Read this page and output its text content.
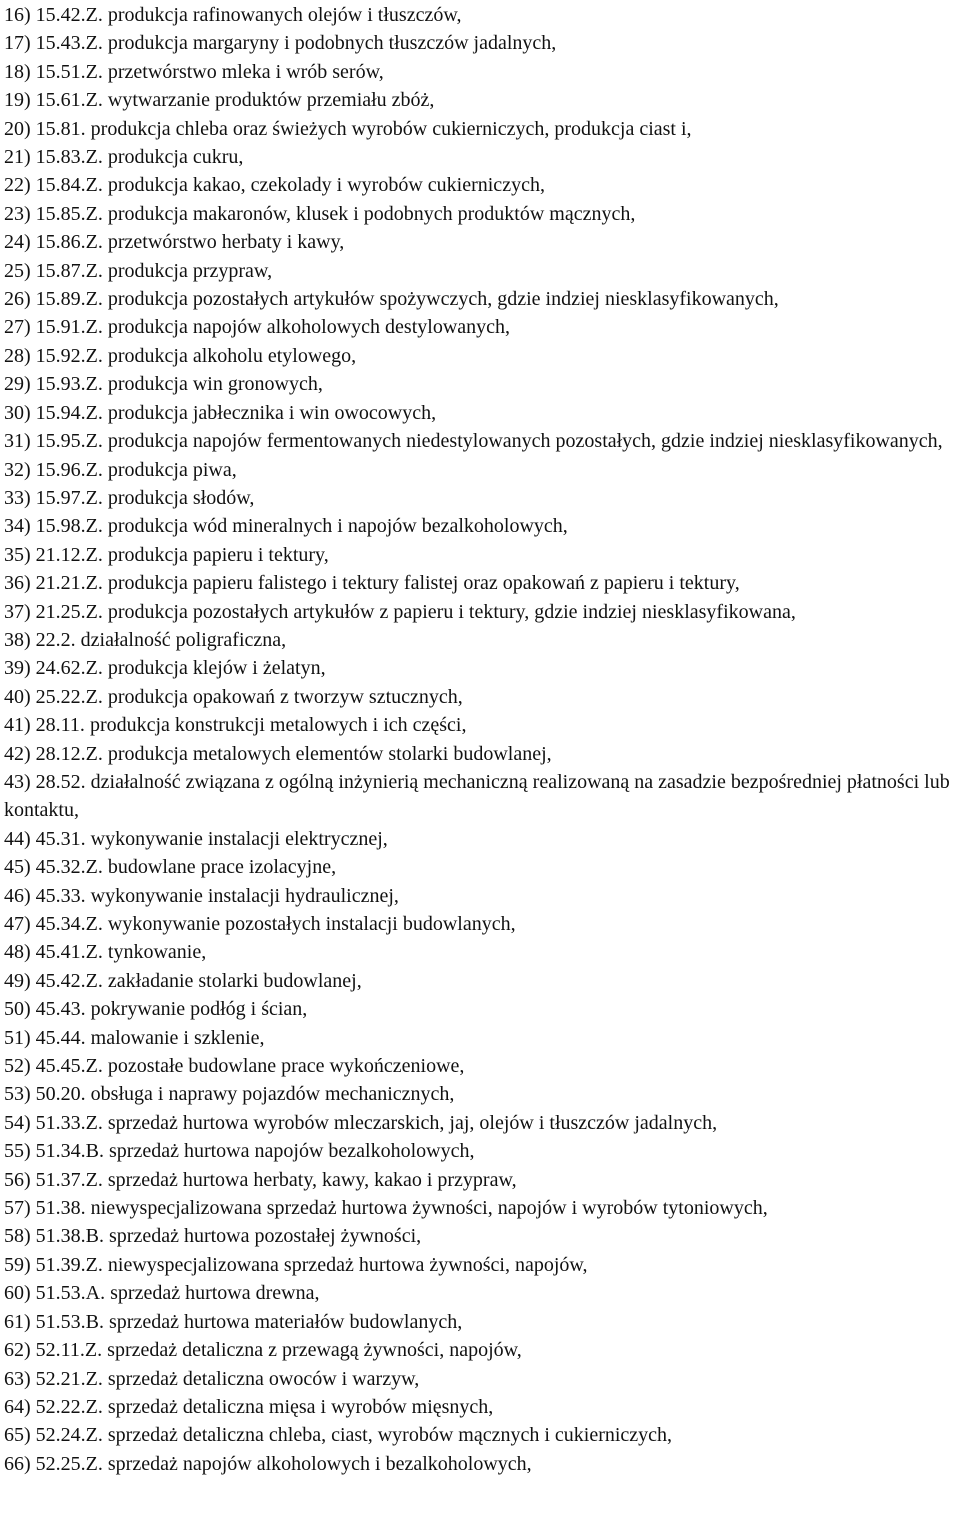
16) 15.42.Z. produkcja rafinowanych olejów i tłuszczów,
17) 15.43.Z. produkcja margaryny i podobnych tłuszczów jadalnych,
18) 15.51.Z. przetwórstwo mleka i wrób serów,
19) 15.61.Z. wytwarzanie produktów przemiału zbóż,
20) 15.81. produkcja chleba oraz świeżych wyrobów cukierniczych, produkcja ciast i,
21) 15.83.Z. produkcja cukru,
22) 15.84.Z. produkcja kakao, czekolady i wyrobów cukierniczych,
23) 15.85.Z. produkcja makaronów, klusek i podobnych produktów mącznych,
24) 15.86.Z. przetwórstwo herbaty i kawy,
25) 15.87.Z. produkcja przypraw,
26) 15.89.Z. produkcja pozostałych artykułów spożywczych, gdzie indziej niesklasyfikowanych,
27) 15.91.Z. produkcja napojów alkoholowych destylowanych,
28) 15.92.Z. produkcja alkoholu etylowego,
29) 15.93.Z. produkcja win gronowych,
30) 15.94.Z. produkcja jabłecznika i win owocowych,
31) 15.95.Z. produkcja napojów fermentowanych niedestylowanych pozostałych, gdzie indziej niesklasyfikowanych,
32) 15.96.Z. produkcja piwa,
33) 15.97.Z. produkcja słodów,
34) 15.98.Z. produkcja wód mineralnych i napojów bezalkoholowych,
35) 21.12.Z. produkcja papieru i tektury,
36) 21.21.Z. produkcja papieru falistego i tektury falistej oraz opakowań z papieru i tektury,
37) 21.25.Z. produkcja pozostałych artykułów z papieru i tektury, gdzie indziej niesklasyfikowana,
38) 22.2. działalność poligraficzna,
39) 24.62.Z. produkcja klejów i żelatyn,
40) 25.22.Z. produkcja opakowań z tworzyw sztucznych,
41) 28.11. produkcja konstrukcji metalowych i ich części,
42) 28.12.Z. produkcja metalowych elementów stolarki budowlanej,
43) 28.52. działalność związana z ogólną inżynierią mechaniczną realizowaną na zasadzie bezpośredniej płatności lub kontaktu,
44) 45.31. wykonywanie instalacji elektrycznej,
45) 45.32.Z. budowlane prace izolacyjne,
46) 45.33. wykonywanie instalacji hydraulicznej,
47) 45.34.Z. wykonywanie pozostałych instalacji budowlanych,
48) 45.41.Z. tynkowanie,
49) 45.42.Z. zakładanie stolarki budowlanej,
50) 45.43. pokrywanie podłóg i ścian,
51) 45.44. malowanie i szklenie,
52) 45.45.Z. pozostałe budowlane prace wykończeniowe,
53) 50.20. obsługa i naprawy pojazdów mechanicznych,
54) 51.33.Z. sprzedaż hurtowa wyrobów mleczarskich, jaj, olejów i tłuszczów jadalnych,
55) 51.34.B. sprzedaż hurtowa napojów bezalkoholowych,
56) 51.37.Z. sprzedaż hurtowa herbaty, kawy, kakao i przypraw,
57) 51.38. niewyspecjalizowana sprzedaż hurtowa żywności, napojów i wyrobów tytoniowych,
58) 51.38.B. sprzedaż hurtowa pozostałej żywności,
59) 51.39.Z. niewyspecjalizowana sprzedaż hurtowa żywności, napojów,
60) 51.53.A. sprzedaż hurtowa drewna,
61) 51.53.B. sprzedaż hurtowa materiałów budowlanych,
62) 52.11.Z. sprzedaż detaliczna z przewagą żywności, napojów,
63) 52.21.Z. sprzedaż detaliczna owoców i warzyw,
64) 52.22.Z. sprzedaż detaliczna mięsa i wyrobów mięsnych,
65) 52.24.Z. sprzedaż detaliczna chleba, ciast, wyrobów mącznych i cukierniczych,
66) 52.25.Z. sprzedaż napojów alkoholowych i bezalkoholowych,
